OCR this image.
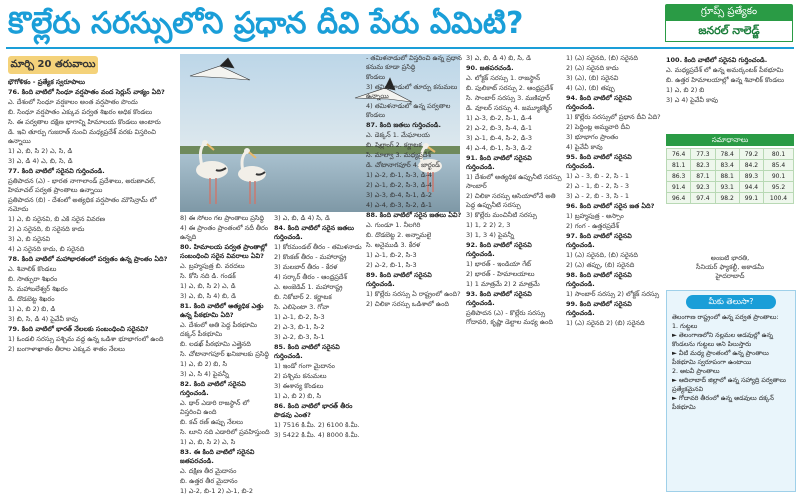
కొల్లేరు సరస్సులోని ప్రధాన దీవి పేరు ఏమిటి?	గ్రూప్స్ ప్రత్యేకం
జనరల్ నాలెడ్జ్
మార్చి 20 తరువాయి

భౌగోళికం - ప్రత్యేక స్వరూపాలు

76. కింది వాటిలో సింధూ వర్షపాతం వంద సెర్లుస్ వాక్యం ఏది?

ఎ. దేశంలో సింధూ వర్షకాలం అంత వర్షపాతం పొందు

బి. సింధూ వర్షపాతం ఎక్కువ పర్వత శిఖరం అధిక కొండలు

సి. ఈ పర్వతాల దక్షిణ భాగాన్ని హిమాలయ కొండలు అంటారు

డి. ఇవి తూర్పు గుజరాత్ నుంచి మధ్యప్రదేశ్ వరకు విస్తరించి ఉన్నాయి

1) ఎ, బి, సి 2) ఎ, సి, డి

3) ఎ, డి 4) ఎ, బి, సి, డి

77. కింది వాటిలో సరైనవి గుర్తించండి.

ప్రతిపాదన (ఎ) - భారత నాగాలాండ్ ప్రదేశాలు, అరుణాచల్, హిమాచల్ పర్వత ప్రాంతాలు ఉన్నాయి

ప్రతిపాదన (బి) - దేశంలో అత్యధిక వర్షపాతం మౌసిన్రామ్ లో నమోదు

1) ఎ, బి సరైనవి, బి ఎకి సరైన వివరణ

2) ఎ సరైనది, బి సరైనది కాదు

3) ఎ, బి సరైనవి

4) ఎ సరైనది కాదు, బి సరైనది

78. కింది వాటిలో మహాభారతంలో పర్వతం ఉన్న ప్రాంతం ఏది?

ఎ. శివాలిక్ కొండలు

బి. సాత్పురా శిఖరం

సి. మహాబలేశ్వర్ శిఖరం

డి. దొడబెట్ట శిఖరం

1) ఎ, బి 2) బి, డి

3) బి, సి, డి 4) పైవేవీ కావు

79. కింది వాటిలో భారత్ నేలలకు సంబంధించి సరైనవి?

1) ఓండలి సరస్సు పశ్చిమ వద్ద ఉన్న ఒడిశా భూభాగంలో ఉంది

2) బంగాళాఖాతం తీరాల ఎక్కువ శాతం నేలలు

8) ఈ సోలం గల ప్రాంతాలు ప్రసిద్ధి

4) ఈ ప్రాంతం ప్రాంతంలో నదీ తీరం ఉన్నది

80. హిమాలయ పర్వత ప్రాంతాల్లో సంబంధించి సరైన వివరాలు ఏవి?

ఎ. బ్రహ్మపుత్ర బి. వరదలు

సి. కోసి నది డి. గండక్

1) ఎ, బి, సి 2) ఎ, డి

3) ఎ, బి, సి 4) బి, డి

81. కింది వాటిలో అత్యధిక ఎత్తు ఉన్న పీఠభూమి ఏది?

ఎ. దేశంలో అతి పెద్ద పీఠభూమి దక్కన్ పీఠభూమి

బి. లడఖ్ పీఠభూమి ఎత్తైనది

సి. చోటానాగపూర్ ఖనిజాలకు ప్రసిద్ధి

1) ఎ, బి 2) బి, సి

3) ఎ, సి 4) పైవన్నీ

82. కింది వాటిలో సరైనవి గుర్తించండి.

ఎ. థార్ ఎడారి రాజస్థాన్ లో విస్తరించి ఉంది

బి. కచ్ రణ్ ఉప్పు నేలలు

సి. లూని నది ఎడారిలో ప్రవహిస్తుంది

1) ఎ, బి, సి 2) ఎ, సి

83. ఈ కింది వాటిలో సరైనవి జతపరచండి.

ఎ. దక్షిణ తీర మైదానం

బి. ఉత్తర తీర మైదానం

1) ఎ-2, బి-1 2) ఎ-1, బి-2

3) ఎ, బి, డి 4) సి, డి

84. కింది వాటిలో సరైన జతలు గుర్తించండి.

1) కోరమండల్ తీరం - తమిళనాడు

2) కొంకణ్ తీరం - మహారాష్ట్ర

3) మలబార్ తీరం - కేరళ

4) సర్కార్ తీరం - ఆంధ్రప్రదేశ్

ఎ. అంజెడివ్ 1. మహారాష్ట్ర

బి. నికోబార్ 2. కర్ణాటక

సి. ఎలిఫెంటా 3. గోవా

1) ఎ-1, బి-2, సి-3

2) ఎ-3, బి-1, సి-2

3) ఎ-2, బి-3, సి-1

85. కింది వాటిలో సరైనవి గుర్తించండి.

1) ఇండో గంగా మైదానం

2) పశ్చిమ కనుమలు

3) ఈశాన్య కొండలు

1) ఎ, బి 2) బి, సి

86. కింది వాటిలో భారత్ తీరం పొడవు ఎంత?

1) 7516 కి.మీ. 2) 6100 కి.మీ.

3) 5422 కి.మీ. 4) 8000 కి.మీ.

- తమిళనాడులో విస్తరించి ఉన్న ప్రధాన కనుమ కూడా ప్రసిద్ధి

కొండలు

3) తమిళనాడులో తూర్పు కనుమలు ఉన్నాయి

4) తమిళనాడులో ఉన్న పర్వతాల కొండలు

87. కింది జతలు గుర్తించండి.

ఎ. డెక్కన్ 1. మేఘాలయ

బి. షిల్లాంగ్ 2. కర్ణాటక

సి. మాల్వా 3. మధ్యప్రదేశ్

డి. చోటానాగపూర్ 4. జార్ఖండ్

1) ఎ-2, బి-1, సి-3, డి-4

2) ఎ-1, బి-2, సి-3, డి-4

3) ఎ-3, బి-4, సి-1, డి-2

4) ఎ-4, బి-3, సి-2, డి-1

88. కింది వాటిలో సరైన జతలు ఏవి?

ఎ. గుండూ 1. నీలగిరి

బి. దొడబెట్ట 2. అన్నామలై

సి. అనైముడి 3. కేరళ

1) ఎ-1, బి-2, సి-3

2) ఎ-2, బి-1, సి-3

89. కింది వాటిలో సరైనవి గుర్తించండి.

1) కొల్లేరు సరస్సు ఏ రాష్ట్రంలో ఉంది?

2) చిలికా సరస్సు ఒడిశాలో ఉంది

3) ఎ, బి, డి 4) బి, సి, డి

90. జతపరచండి.

ఎ. లోక్టక్ సరస్సు 1. రాజస్థాన్

బి. పులికాట్ సరస్సు 2. ఆంధ్రప్రదేశ్

సి. సాంబార్ సరస్సు 3. మణిపూర్

డి. వూలర్ సరస్సు 4. జమ్మూకశ్మీర్

1) ఎ-3, బి-2, సి-1, డి-4

2) ఎ-2, బి-3, సి-4, డి-1

3) ఎ-1, బి-4, సి-2, డి-3

4) ఎ-4, బి-1, సి-3, డి-2

91. కింది వాటిలో సరైనవి గుర్తించండి.

1) దేశంలో అత్యధిక ఉప్పునీటి సరస్సు సాంబార్

2) చిలికా సరస్సు ఆసియాలోనే అతి పెద్ద ఉప్పునీటి సరస్సు

3) కొల్లేరు మంచినీటి సరస్సు

1) 1, 2 2) 2, 3

3) 1, 3 4) పైవన్నీ

92. కింది వాటిలో సరైనవి గుర్తించండి.

1) భారత్ - ఇండియా గేట్

2) భారత్ - హిమాలయాలు

1) 1 మాత్రమే 2) 2 మాత్రమే

93. కింది వాటిలో సరైనవి గుర్తించండి.

ప్రతిపాదన (ఎ) - కొల్లేరు సరస్సు గోదావరి, కృష్ణా డెల్టాల మధ్య ఉంది

1) (ఎ) సరైనది, (బి) సరైనది

2) (ఎ) సరైనది కాదు

3) (ఎ), (బి) సరైనవి

4) (ఎ), (బి) తప్పు

94. కింది వాటిలో సరైనవి గుర్తించండి.

1) కొల్లేరు సరస్సులో ప్రధాన దీవి ఏది?

2) పెద్దింట్ల అమ్మవారి దీవి

3) భూభాగం ప్రాంతం

4) పైవేవీ కావు

95. కింది వాటిలో సరైనవి గుర్తించండి.

1) ఎ - 3, బి - 2, సి - 1

2) ఎ - 1, బి - 2, సి - 3

3) ఎ - 2, బి - 3, సి - 1

96. కింది వాటిలో సరైన జత ఏది?

1) బ్రహ్మపుత్ర - అస్సాం

2) గంగ - ఉత్తరప్రదేశ్

97. కింది వాటిలో సరైనవి గుర్తించండి.

1) (ఎ) సరైనది, (బి) సరైనది

2) (ఎ) తప్పు, (బి) సరైనది

98. కింది వాటిలో సరైనవి గుర్తించండి.

1) సాంబార్ సరస్సు 2) లోక్టక్ సరస్సు

99. కింది వాటిలో సరైనవి గుర్తించండి.

1) (ఎ) సరైనది 2) (బి) సరైనది

100. కింది వాటిలో సరైనవి గుర్తించండి.

ఎ. మధ్యప్రదేశ్ లో ఉన్న అమర్కంటక్ పీఠభూమి

బి. ఉత్తర హిమాలయాల్లో ఉన్న శివాలిక్ కొండలు

1) ఎ, బి 2) బి

3) ఎ 4) పైవేవీ కావు

సమాధానాలు
76.4	77.3	78.4	79.2	80.1
81.1	82.3	83.4	84.2	85.4
86.3	87.1	88.1	89.3	90.1
91.4	92.3	93.1	94.4	95.2
96.4	97.4	98.2	99.1	100.4
అంబటి భారతి,
సీనియర్ ఫ్యాకల్టీ, అకాడమీ
హైదరాబాద్
మీకు తెలుసా?
తెలంగాణ రాష్ట్రంలో ఉన్న పర్వత ప్రాంతాలు:
1. గుట్టలు
► తెలంగాణలోని నల్లమల అడవుల్లో ఉన్న కొండలను గుట్టలు అని పిలుస్తారు
► వీటి మధ్య ప్రాంతంలో ఉన్న ప్రాంతాలు పీఠభూమి స్వరూపంగా ఉంటాయి
2. అటవీ ప్రాంతాలు
► ఆదిలాబాద్ జిల్లాలో ఉన్న సహ్యాద్రి పర్వతాలు ప్రత్యేకమైనవి
► గోదావరి తీరంలో ఉన్న అడవులు దక్కన్ పీఠభూమి
